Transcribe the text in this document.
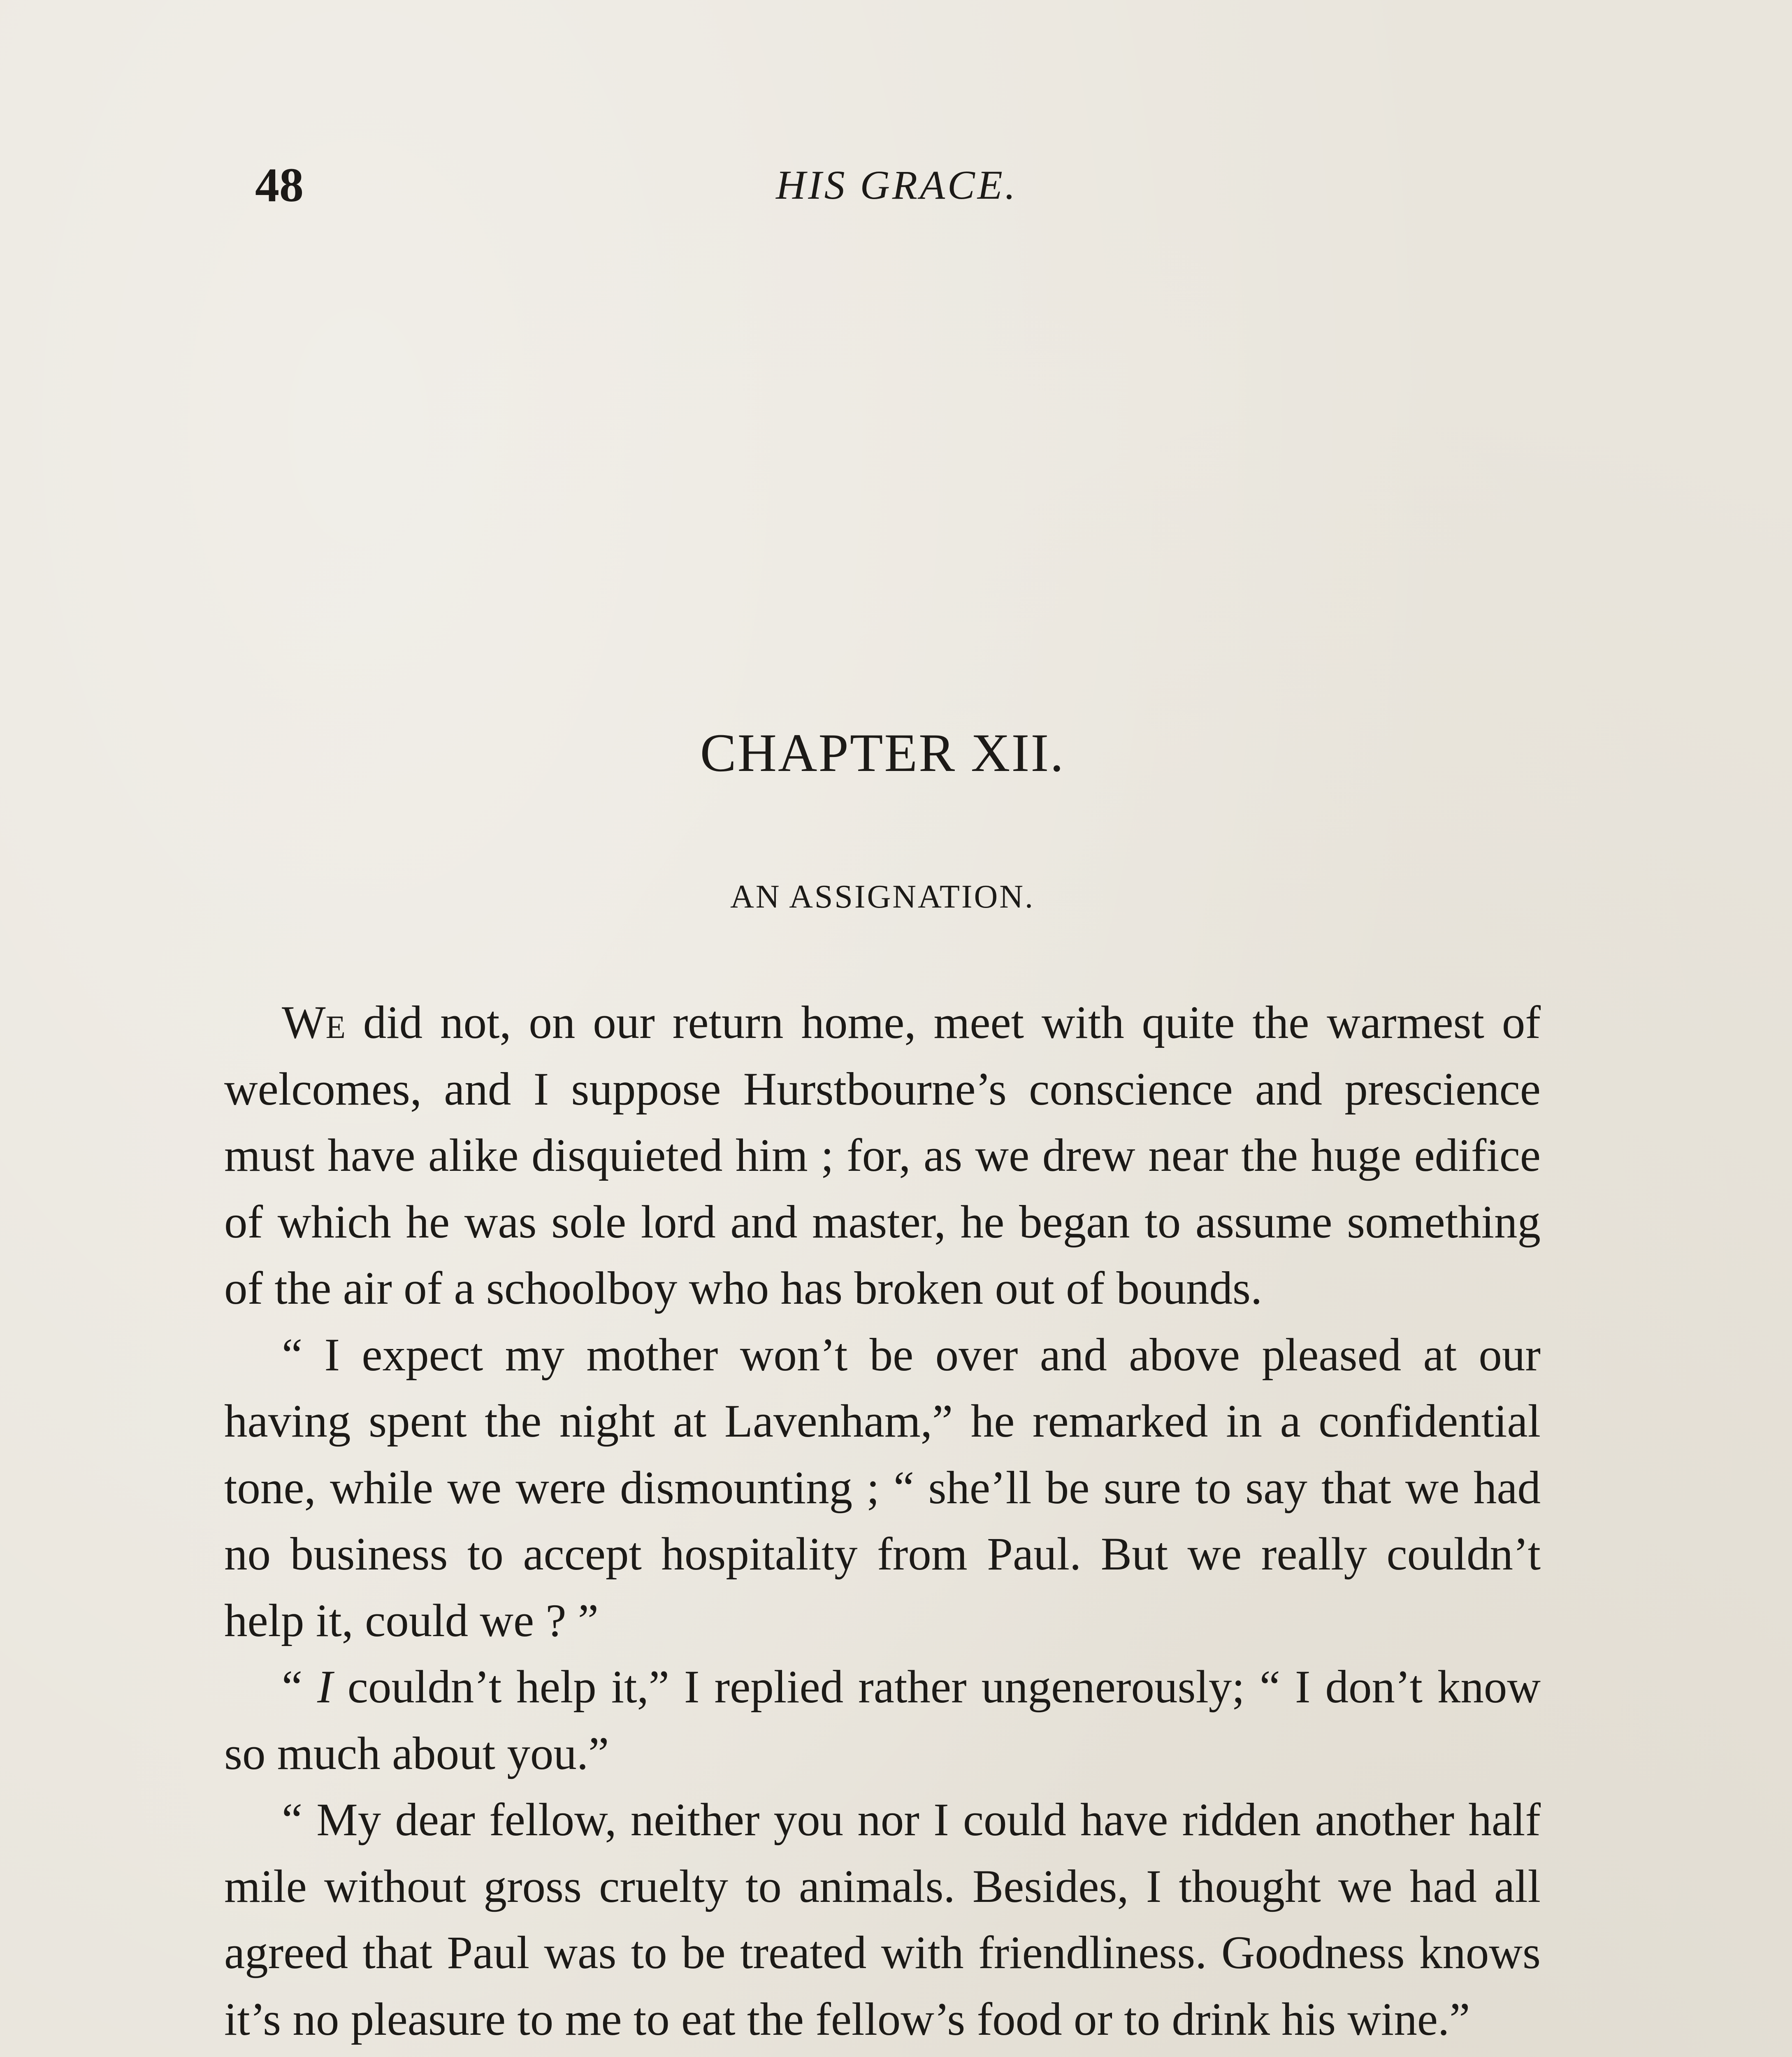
48	HIS GRACE.
CHAPTER XII.
AN ASSIGNATION.

We did not, on our return home, meet with quite the warmest of welcomes, and I suppose Hurstbourne’s conscience and prescience must have alike disquieted him ; for, as we drew near the huge edifice of which he was sole lord and master, he began to assume something of the air of a schoolboy who has broken out of bounds.

“ I expect my mother won’t be over and above pleased at our having spent the night at Lavenham,” he remarked in a confidential tone, while we were dismounting ; “ she’ll be sure to say that we had no business to accept hospitality from Paul. But we really couldn’t help it, could we ? ”

“ I couldn’t help it,” I replied rather ungenerously; “ I don’t know so much about you.”

“ My dear fellow, neither you nor I could have ridden another half mile without gross cruelty to animals. Besides, I thought we had all agreed that Paul was to be treated with friendliness. Goodness knows it’s no pleasure to me to eat the fellow’s food or to drink his wine.”
